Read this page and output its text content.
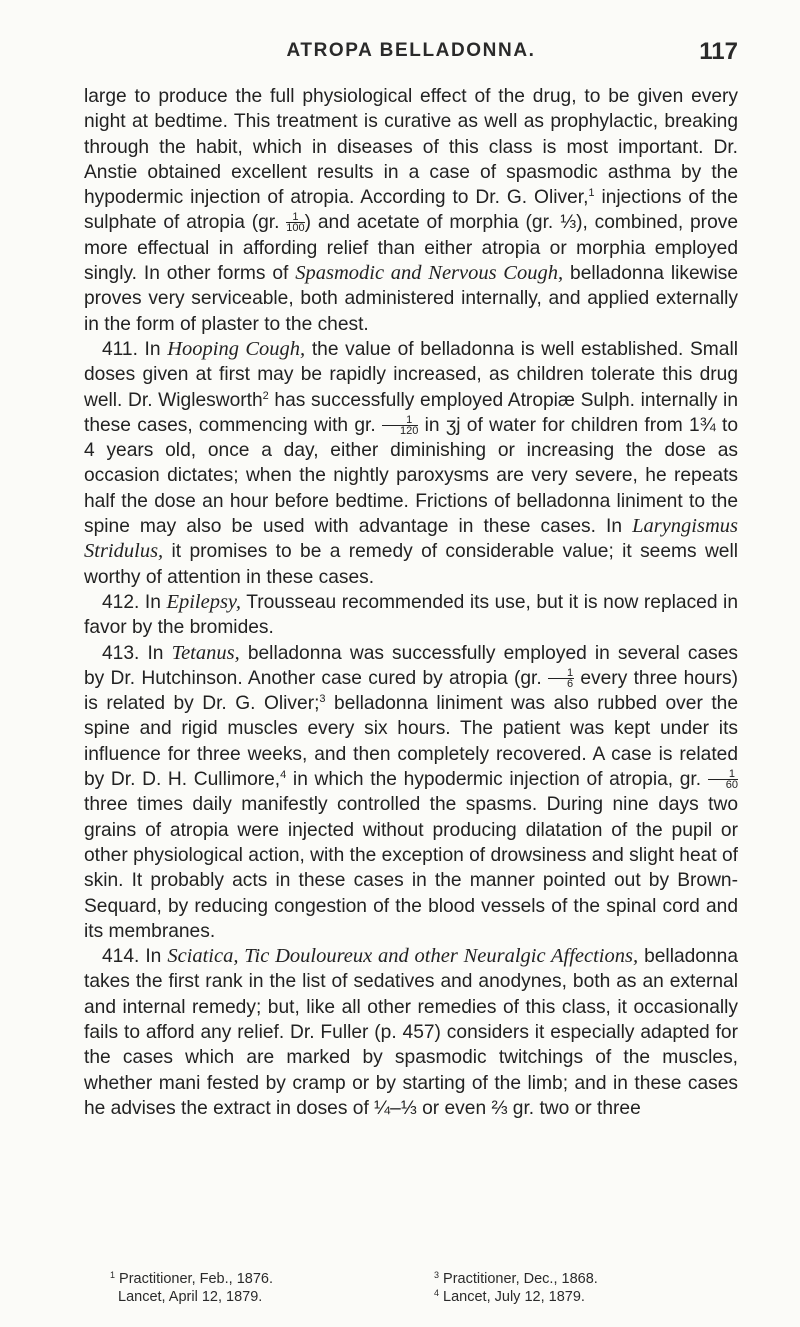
ATROPA BELLADONNA.	117

large to produce the full physiological effect of the drug, to be given every night at bedtime. This treatment is curative as well as prophylactic, breaking through the habit, which in diseases of this class is most important. Dr. Anstie obtained excellent results in a case of spasmodic asthma by the hypodermic injection of atropia. According to Dr. G. Oliver,$^1$ injections of the sulphate of atropia (gr. $\frac{1}{100}$ ) and acetate of morphia (gr. ⅓), combined, prove more effectual in affording relief than either atropia or morphia employed singly. In other forms of Spasmodic and Nervous Cough, belladonna likewise proves very serviceable, both administered internally, and applied externally in the form of plaster to the chest.

411. In Hooping Cough, the value of belladonna is well established. Small doses given at first may be rapidly increased, as children tolerate this drug well. Dr. Wiglesworth$^2$ has successfully employed Atropiæ Sulph. internally in these cases, commencing with gr. $\frac{1}{120}$ in ʒj of water for children from 1¾ to 4 years old, once a day, either diminishing or increasing the dose as occasion dictates; when the nightly paroxysms are very severe, he repeats half the dose an hour before bedtime. Frictions of belladonna liniment to the spine may also be used with advantage in these cases. In Laryngismus Stridulus, it promises to be a remedy of considerable value; it seems well worthy of attention in these cases.

412. In Epilepsy, Trousseau recommended its use, but it is now replaced in favor by the bromides.

413. In Tetanus, belladonna was successfully employed in several cases by Dr. Hutchinson. Another case cured by atropia (gr. $\frac{1}{6}$ every three hours) is related by Dr. G. Oliver;$^3$ belladonna liniment was also rubbed over the spine and rigid muscles every six hours. The patient was kept under its influence for three weeks, and then completely recovered. A case is related by Dr. D. H. Cullimore,$^4$ in which the hypodermic injection of atropia, gr. $\frac{1}{60}$
three times daily manifestly controlled the spasms. During nine days two grains of atropia were injected without producing dilatation of the pupil or other physiological action, with the exception of drowsiness and slight heat of skin. It probably acts in these cases in the manner pointed out by Brown-Sequard, by reducing congestion of the blood vessels of the spinal cord and its membranes.

414. In Sciatica, Tic Douloureux and other Neuralgic Affections, belladonna takes the first rank in the list of sedatives and anodynes, both as an external and internal remedy; but, like all other remedies of this class, it occasionally fails to afford any relief. Dr. Fuller (p. 457) considers it especially adapted for the cases which are marked by spasmodic twitchings of the muscles, whether mani fested by cramp or by starting of the limb; and in these cases he advises the extract in doses of ¼–⅓ or even ⅔ gr. two or three

$^1$ Practitioner, Feb., 1876.
Lancet, April 12, 1879.
$^3$ Practitioner, Dec., 1868.
$^4$ Lancet, July 12, 1879.
